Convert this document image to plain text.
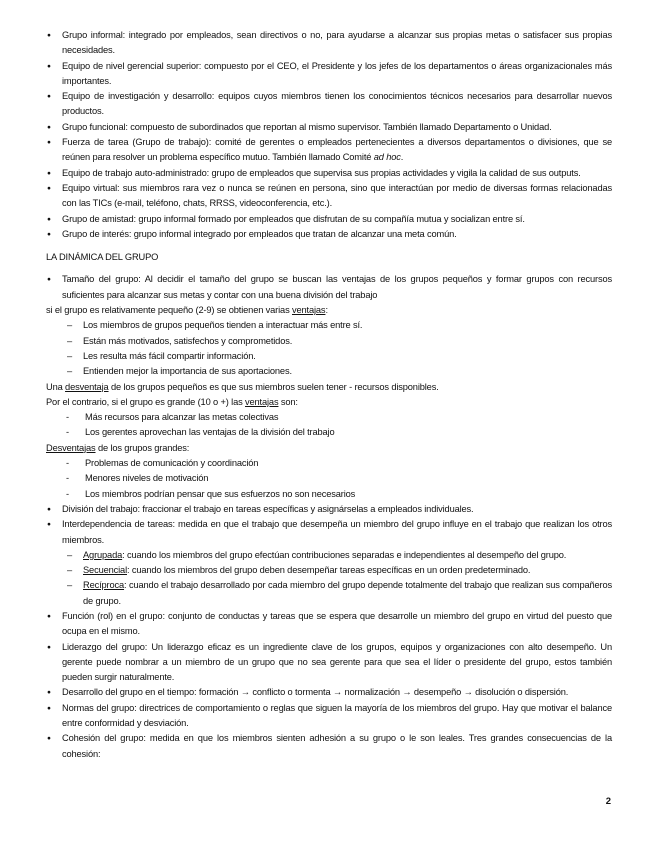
● Grupo informal: integrado por empleados, sean directivos o no, para ayudarse a alcanzar sus propias metas o satisfacer sus propias necesidades.
● Equipo de nivel gerencial superior: compuesto por el CEO, el Presidente y los jefes de los departamentos o áreas organizacionales más importantes.
● Equipo de investigación y desarrollo: equipos cuyos miembros tienen los conocimientos técnicos necesarios para desarrollar nuevos productos.
● Grupo funcional: compuesto de subordinados que reportan al mismo supervisor. También llamado Departamento o Unidad.
● Fuerza de tarea (Grupo de trabajo): comité de gerentes o empleados pertenecientes a diversos departamentos o divisiones, que se reúnen para resolver un problema específico mutuo. También llamado Comité ad hoc.
● Equipo de trabajo auto-administrado: grupo de empleados que supervisa sus propias actividades y vigila la calidad de sus outputs.
● Equipo virtual: sus miembros rara vez o nunca se reúnen en persona, sino que interactúan por medio de diversas formas relacionadas con las TICs (e-mail, teléfono, chats, RRSS, videoconferencia, etc.).
● Grupo de amistad: grupo informal formado por empleados que disfrutan de su compañía mutua y socializan entre sí.
● Grupo de interés: grupo informal integrado por empleados que tratan de alcanzar una meta común.
LA DINÁMICA DEL GRUPO
● Tamaño del grupo: Al decidir el tamaño del grupo se buscan las ventajas de los grupos pequeños y formar grupos con recursos suficientes para alcanzar sus metas y contar con una buena división del trabajo
si el grupo es relativamente pequeño (2-9) se obtienen varias ventajas:
– Los miembros de grupos pequeños tienden a interactuar más entre sí.
– Están más motivados, satisfechos y comprometidos.
– Les resulta más fácil compartir información.
– Entienden mejor la importancia de sus aportaciones.
Una desventaja de los grupos pequeños es que sus miembros suelen tener - recursos disponibles.
Por el contrario, si el grupo es grande (10 o +) las ventajas son:
- Más recursos para alcanzar las metas colectivas
- Los gerentes aprovechan las ventajas de la división del trabajo
Desventajas de los grupos grandes:
- Problemas de comunicación y coordinación
- Menores niveles de motivación
- Los miembros podrían pensar que sus esfuerzos no son necesarios
● División del trabajo: fraccionar el trabajo en tareas específicas y asignárselas a empleados individuales.
● Interdependencia de tareas: medida en que el trabajo que desempeña un miembro del grupo influye en el trabajo que realizan los otros miembros.
– Agrupada: cuando los miembros del grupo efectúan contribuciones separadas e independientes al desempeño del grupo.
– Secuencial: cuando los miembros del grupo deben desempeñar tareas específicas en un orden predeterminado.
– Recíproca: cuando el trabajo desarrollado por cada miembro del grupo depende totalmente del trabajo que realizan sus compañeros de grupo.
● Función (rol) en el grupo: conjunto de conductas y tareas que se espera que desarrolle un miembro del grupo en virtud del puesto que ocupa en el mismo.
● Liderazgo del grupo: Un liderazgo eficaz es un ingrediente clave de los grupos, equipos y organizaciones con alto desempeño. Un gerente puede nombrar a un miembro de un grupo que no sea gerente para que sea el líder o presidente del grupo, estos también pueden surgir naturalmente.
● Desarrollo del grupo en el tiempo: formación → conflicto o tormenta → normalización → desempeño → disolución o dispersión.
● Normas del grupo: directrices de comportamiento o reglas que siguen la mayoría de los miembros del grupo. Hay que motivar el balance entre conformidad y desviación.
● Cohesión del grupo: medida en que los miembros sienten adhesión a su grupo o le son leales. Tres grandes consecuencias de la cohesión:
2
